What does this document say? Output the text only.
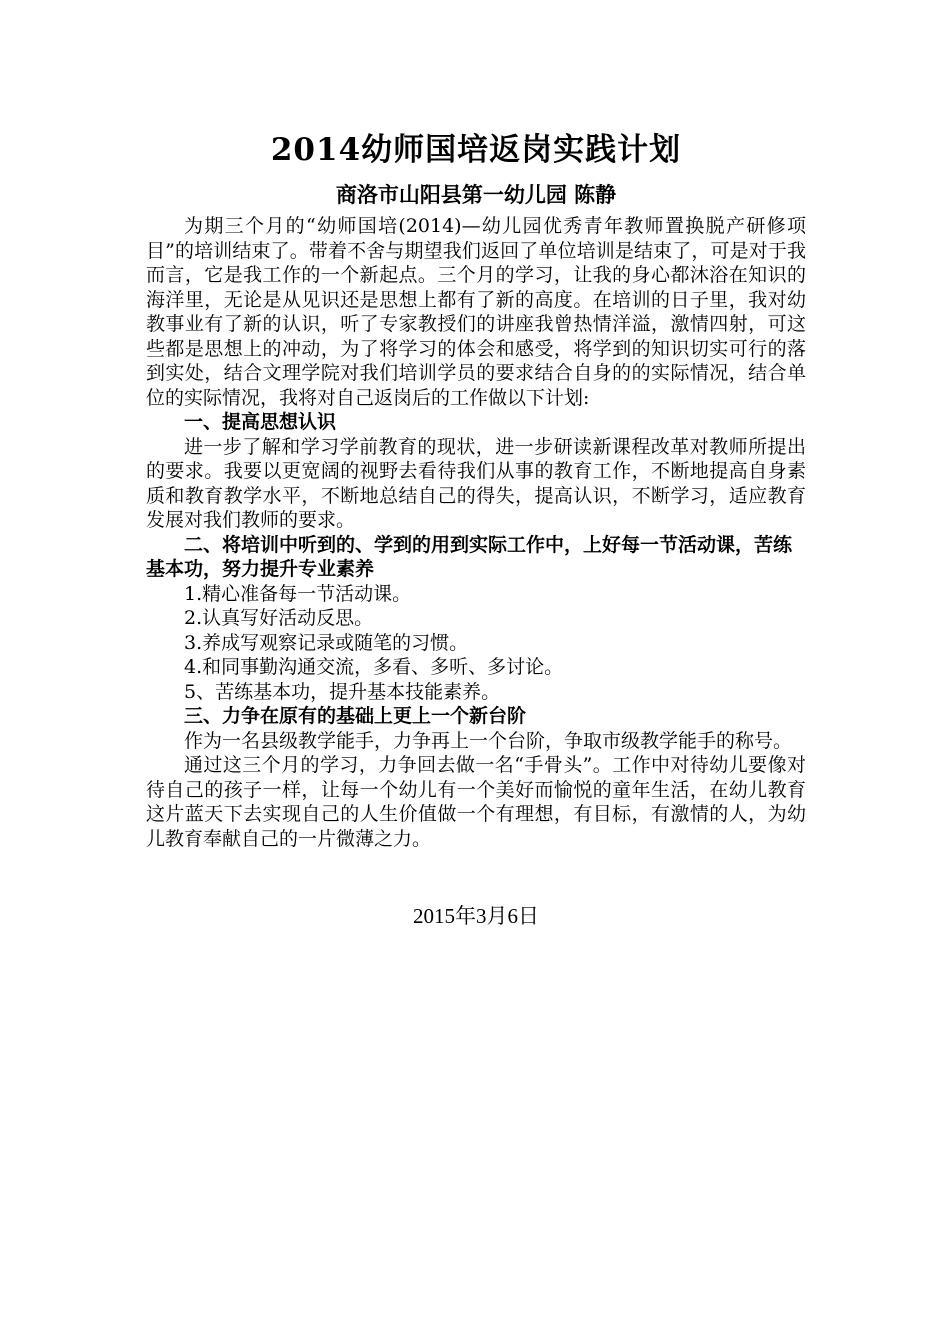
2014幼师国培返岗实践计划
商洛市山阳县第一幼儿园 陈静

为期三个月的“幼师国培(2014)—幼儿园优秀青年教师置换脱产研修项目”的培训结束了。带着不舍与期望我们返回了单位培训是结束了，可是对于我而言，它是我工作的一个新起点。三个月的学习，让我的身心都沐浴在知识的海洋里，无论是从见识还是思想上都有了新的高度。在培训的日子里，我对幼教事业有了新的认识，听了专家教授们的讲座我曾热情洋溢，激情四射，可这些都是思想上的冲动，为了将学习的体会和感受，将学到的知识切实可行的落到实处，结合文理学院对我们培训学员的要求结合自身的的实际情况，结合单位的实际情况，我将对自己返岗后的工作做以下计划:

一、提高思想认识

进一步了解和学习学前教育的现状，进一步研读新课程改革对教师所提出的要求。我要以更宽阔的视野去看待我们从事的教育工作，不断地提高自身素质和教育教学水平，不断地总结自己的得失，提高认识，不断学习，适应教育发展对我们教师的要求。

二、将培训中听到的、学到的用到实际工作中，上好每一节活动课，苦练基本功，努力提升专业素养

1.精心准备每一节活动课。

2.认真写好活动反思。

3.养成写观察记录或随笔的习惯。

4.和同事勤沟通交流，多看、多听、多讨论。

5、苦练基本功，提升基本技能素养。

三、力争在原有的基础上更上一个新台阶

作为一名县级教学能手，力争再上一个台阶，争取市级教学能手的称号。

通过这三个月的学习，力争回去做一名“手骨头”。工作中对待幼儿要像对待自己的孩子一样，让每一个幼儿有一个美好而愉悦的童年生活，在幼儿教育这片蓝天下去实现自己的人生价值做一个有理想，有目标，有激情的人，为幼儿教育奉献自己的一片微薄之力。

2015年3月6日
